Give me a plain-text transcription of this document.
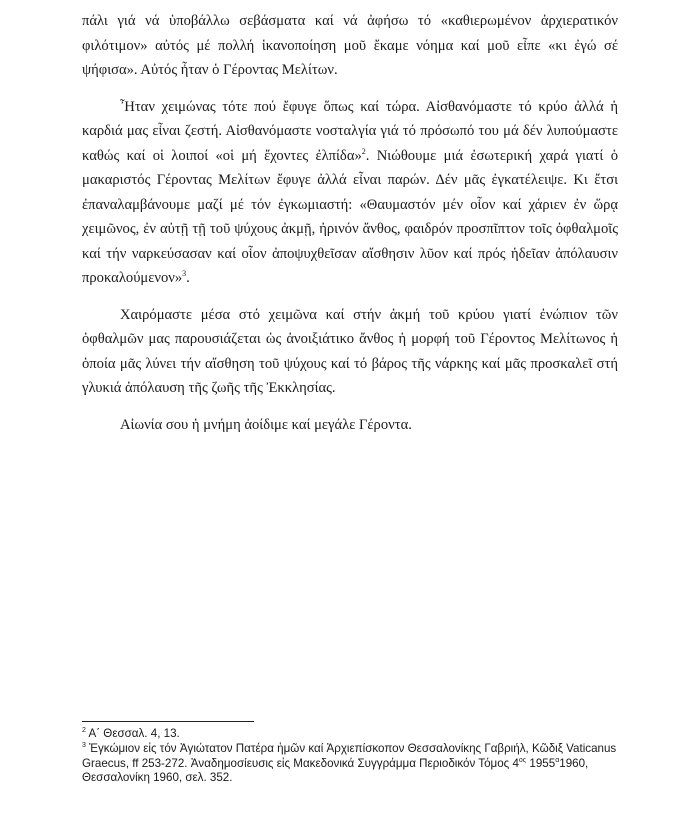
πάλι γιά νά ὑποβάλλω σεβάσματα καί νά ἀφήσω τό «καθιερωμένον ἀρχιερατικόν φιλότιμον» αὐτός μέ πολλή ἱκανοποίηση μοῦ ἔκαμε νόημα καί μοῦ εἶπε «κι ἐγώ σέ ψήφισα». Αὐτός ἦταν ὁ Γέροντας Μελίτων.

Ἦταν χειμώνας τότε πού ἔφυγε ὅπως καί τώρα. Αἰσθανόμαστε τό κρύο ἀλλά ἡ καρδιά μας εἶναι ζεστή. Αἰσθανόμαστε νοσταλγία γιά τό πρόσωπό του μά δέν λυπούμαστε καθώς καί οἱ λοιποί «οἱ μή ἔχοντες ἐλπίδα»$^2$. Νιώθουμε μιά ἐσωτερική χαρά γιατί ὁ μακαριστός Γέροντας Μελίτων ἔφυγε ἀλλά εἶναι παρών. Δέν μᾶς ἐγκατέλειψε. Κι ἔτσι ἐπαναλαμβάνουμε μαζί μέ τόν ἐγκωμιαστή: «Θαυμαστόν μέν οἷον καί χάριεν ἐν ὥρᾳ χειμῶνος, ἐν αὐτῇ τῇ τοῦ ψύχους ἀκμῇ, ἠρινόν ἄνθος, φαιδρόν προσπῖπτον τοῖς ὀφθαλμοῖς καί τήν ναρκεύσασαν καί οἷον ἀποψυχθεῖσαν αἴσθησιν λῦον καί πρός ἡδεῖαν ἀπόλαυσιν προκαλούμενον»$^3$.

Χαιρόμαστε μέσα στό χειμῶνα καί στήν ἀκμή τοῦ κρύου γιατί ἐνώπιον τῶν ὀφθαλμῶν μας παρουσιάζεται ὡς ἀνοιξιάτικο ἄνθος ἡ μορφή τοῦ Γέροντος Μελίτωνος ἡ ὁποία μᾶς λύνει τήν αἴσθηση τοῦ ψύχους καί τό βάρος τῆς νάρκης καί μᾶς προσκαλεῖ στή γλυκιά ἀπόλαυση τῆς ζωῆς τῆς Ἐκκλησίας.

Αἰωνία σου ἡ μνήμη ἀοίδιμε καί μεγάλε Γέροντα.

$^2$ Α΄ Θεσσαλ. 4, 13.
$^3$ Ἐγκώμιον εἰς τόν Ἀγιώτατον Πατέρα ἡμῶν καί Ἀρχιεπίσκοπον Θεσσαλονίκης Γαβριήλ, Κῶδιξ Vaticanus Graecus, ff 253-272. Ἀναδημοσίευσις εἰς Μακεδονικά Συγγράμμα Περιοδικόν Τόμος $4^{o\varsigma}$ $1955^\alpha 1960$, Θεσσαλονίκη 1960, σελ. 352.
